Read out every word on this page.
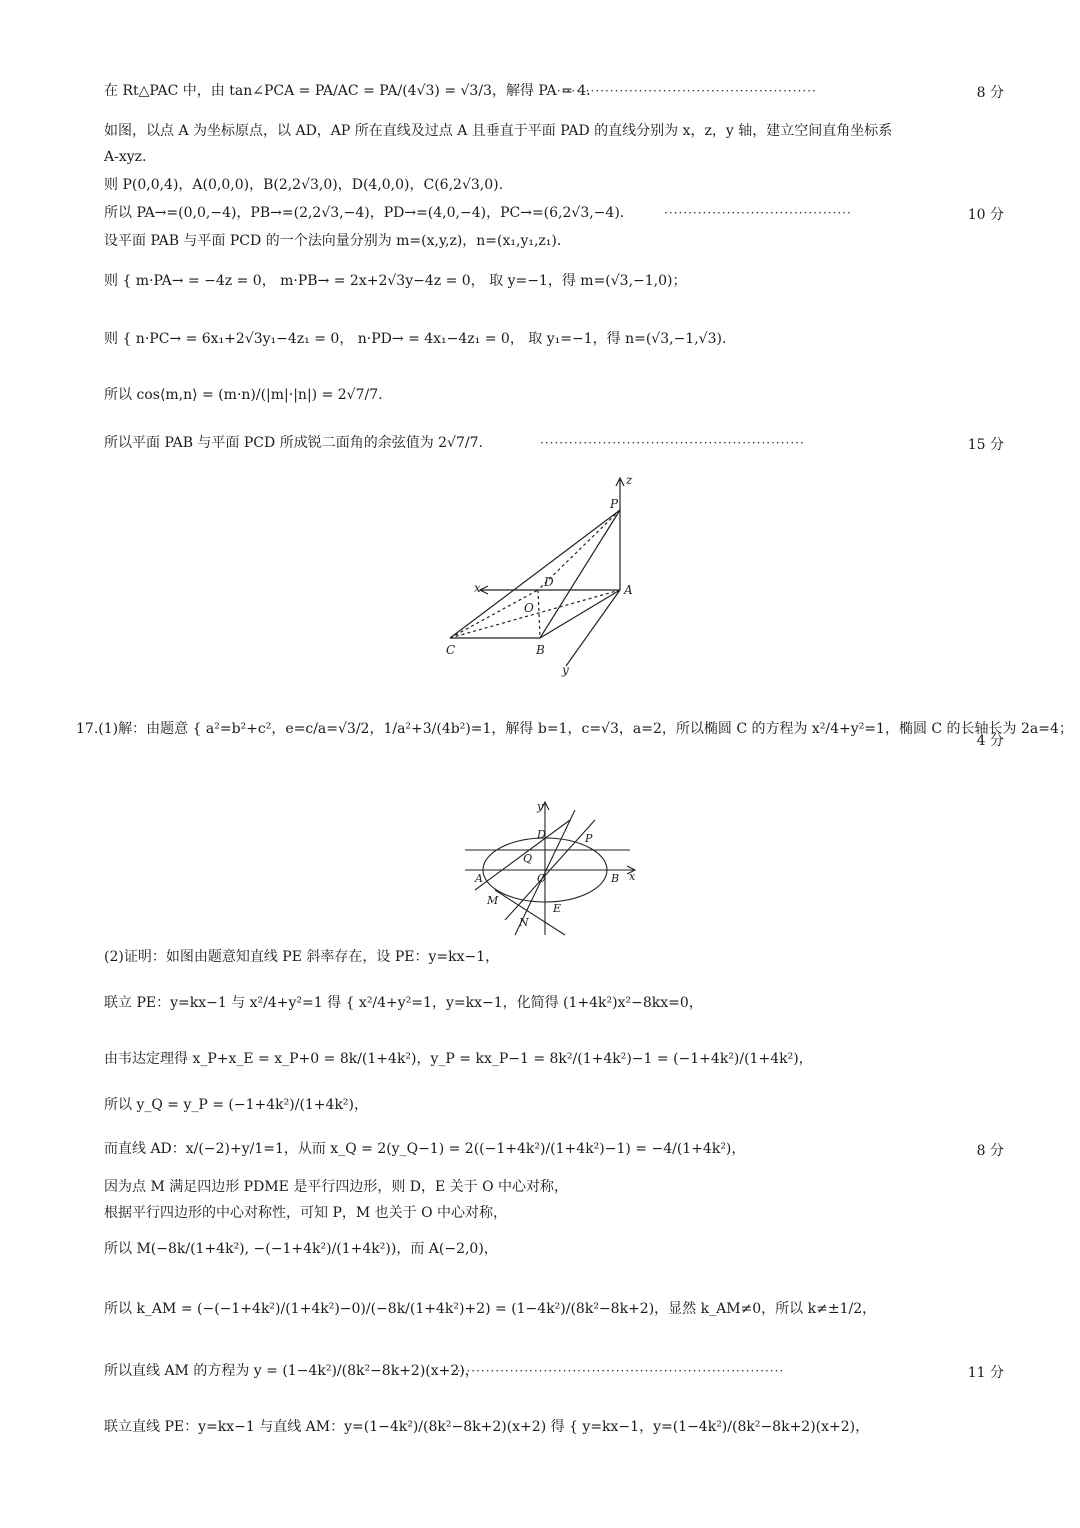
在 Rt△PAC 中，由 tan∠PCA = PA/AC = PA/(4√3) = √3/3，解得 PA = 4.
·······················································	8 分
如图，以点 A 为坐标原点，以 AD，AP 所在直线及过点 A 且垂直于平面 PAD 的直线分别为 x，z，y 轴，建立空间直角坐标系
A-xyz.
则 P(0,0,4)，A(0,0,0)，B(2,2√3,0)，D(4,0,0)，C(6,2√3,0).
所以 PA→=(0,0,−4)，PB→=(2,2√3,−4)，PD→=(4,0,−4)，PC→=(6,2√3,−4).	·······································	10 分
设平面 PAB 与平面 PCD 的一个法向量分别为 m=(x,y,z)，n=(x₁,y₁,z₁).
则 { m·PA→ = −4z = 0， m·PB→ = 2x+2√3y−4z = 0， 取 y=−1，得 m=(√3,−1,0)；
则 { n·PC→ = 6x₁+2√3y₁−4z₁ = 0， n·PD→ = 4x₁−4z₁ = 0， 取 y₁=−1，得 n=(√3,−1,√3).
所以 cos⟨m,n⟩ = (m·n)/(|m|·|n|) = 2√7/7.
所以平面 PAB 与平面 PCD 所成锐二面角的余弦值为 2√7/7.	·······················································	15 分
z
P
x	D
A
O
C	B
y
17.(1)解：由题意 { a²=b²+c²，e=c/a=√3/2，1/a²+3/(4b²)=1，解得 b=1，c=√3，a=2，所以椭圆 C 的方程为 x²/4+y²=1，椭圆 C 的长轴长为 2a=4；
4 分
y
D	P
Q
A	O	B x
M
E
N
(2)证明：如图由题意知直线 PE 斜率存在，设 PE：y=kx−1，
联立 PE：y=kx−1 与 x²/4+y²=1 得 { x²/4+y²=1，y=kx−1，化简得 (1+4k²)x²−8kx=0，
由韦达定理得 x_P+x_E = x_P+0 = 8k/(1+4k²)，y_P = kx_P−1 = 8k²/(1+4k²)−1 = (−1+4k²)/(1+4k²)，
所以 y_Q = y_P = (−1+4k²)/(1+4k²)，
而直线 AD：x/(−2)+y/1=1，从而 x_Q = 2(y_Q−1) = 2((−1+4k²)/(1+4k²)−1) = −4/(1+4k²)，	8 分
因为点 M 满足四边形 PDME 是平行四边形，则 D，E 关于 O 中心对称，
根据平行四边形的中心对称性，可知 P，M 也关于 O 中心对称，
所以 M(−8k/(1+4k²), −(−1+4k²)/(1+4k²))，而 A(−2,0)，
所以 k_AM = (−(−1+4k²)/(1+4k²)−0)/(−8k/(1+4k²)+2) = (1−4k²)/(8k²−8k+2)，显然 k_AM≠0，所以 k≠±1/2，
所以直线 AM 的方程为 y = (1−4k²)/(8k²−8k+2)(x+2)，
·····································································	11 分
联立直线 PE：y=kx−1 与直线 AM：y=(1−4k²)/(8k²−8k+2)(x+2) 得 { y=kx−1，y=(1−4k²)/(8k²−8k+2)(x+2)，
